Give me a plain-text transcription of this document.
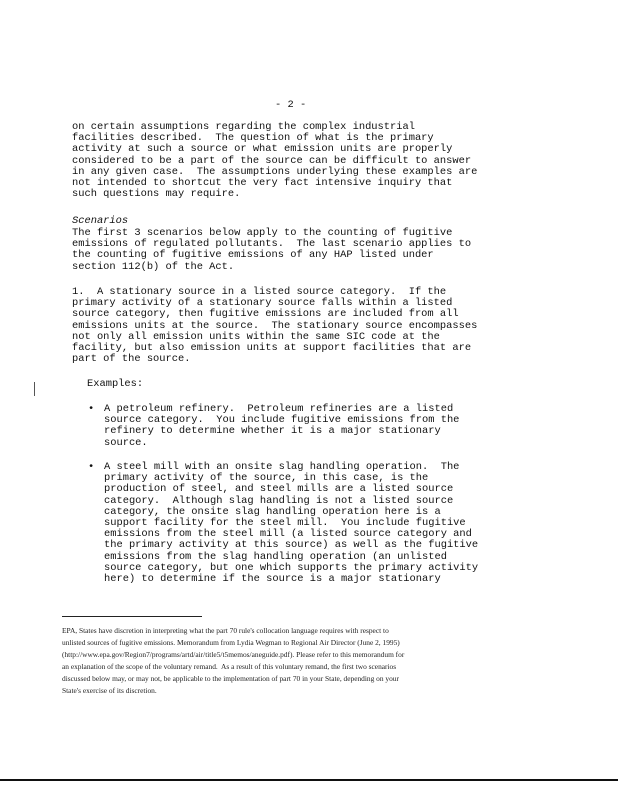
- 2 -
on certain assumptions regarding the complex industrial
facilities described.  The question of what is the primary
activity at such a source or what emission units are properly
considered to be a part of the source can be difficult to answer
in any given case.  The assumptions underlying these examples are
not intended to shortcut the very fact intensive inquiry that
such questions may require.
Scenarios
The first 3 scenarios below apply to the counting of fugitive
emissions of regulated pollutants.  The last scenario applies to
the counting of fugitive emissions of any HAP listed under
section 112(b) of the Act.
1.  A stationary source in a listed source category.  If the
primary activity of a stationary source falls within a listed
source category, then fugitive emissions are included from all
emissions units at the source.  The stationary source encompasses
not only all emission units within the same SIC code at the
facility, but also emission units at support facilities that are
part of the source.
Examples:
• A petroleum refinery.  Petroleum refineries are a listed
source category.  You include fugitive emissions from the
refinery to determine whether it is a major stationary
source.
• A steel mill with an onsite slag handling operation.  The
primary activity of the source, in this case, is the
production of steel, and steel mills are a listed source
category.  Although slag handling is not a listed source
category, the onsite slag handling operation here is a
support facility for the steel mill.  You include fugitive
emissions from the steel mill (a listed source category and
the primary activity at this source) as well as the fugitive
emissions from the slag handling operation (an unlisted
source category, but one which supports the primary activity
here) to determine if the source is a major stationary
EPA, States have discretion in interpreting what the part 70 rule's collocation language requires with respect to
unlisted sources of fugitive emissions. Memorandum from Lydia Wegman to Regional Air Director (June 2, 1995)
(http://www.epa.gov/Region7/programs/artd/air/title5/t5memos/aneguide.pdf). Please refer to this memorandum for
an explanation of the scope of the voluntary remand.  As a result of this voluntary remand, the first two scenarios
discussed below may, or may not, be applicable to the implementation of part 70 in your State, depending on your
State's exercise of its discretion.
